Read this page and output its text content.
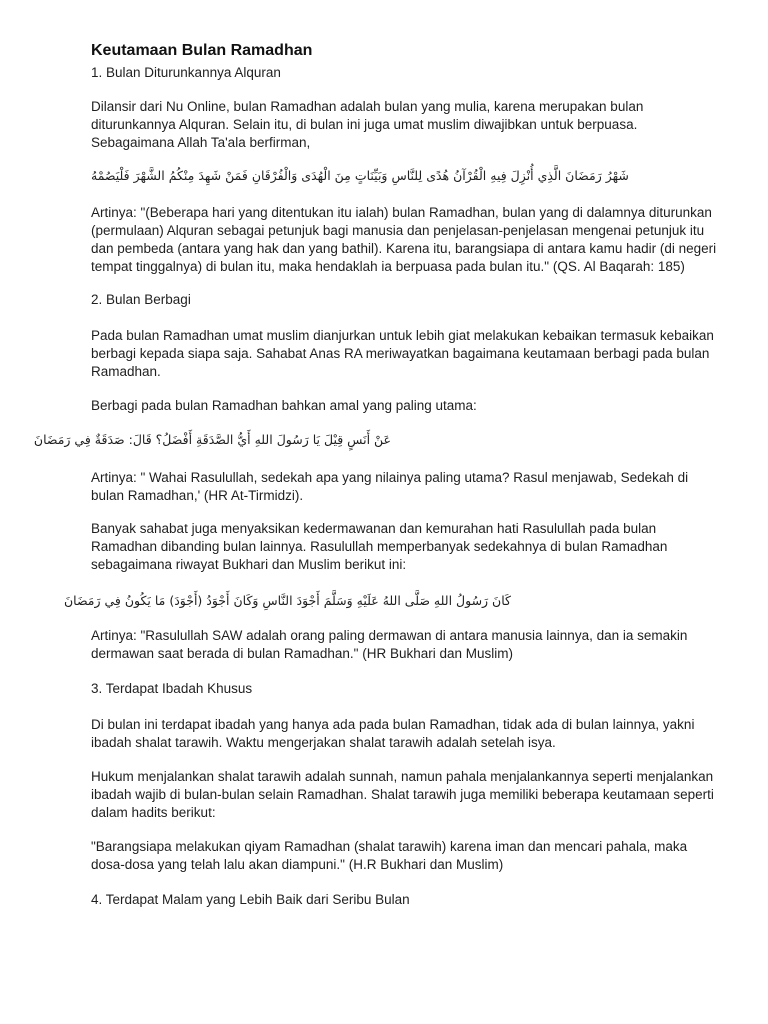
Keutamaan Bulan Ramadhan

1. Bulan Diturunkannya Alquran

Dilansir dari Nu Online, bulan Ramadhan adalah bulan yang mulia, karena merupakan bulan
diturunkannya Alquran. Selain itu, di bulan ini juga umat muslim diwajibkan untuk berpuasa.
Sebagaimana Allah Ta'ala berfirman,

شَهْرُ رَمَضَانَ الَّذِي أُنْزِلَ فِيهِ الْقُرْآنُ هُدًى لِلنَّاسِ وَبَيِّنَاتٍ مِنَ الْهُدَى وَالْفُرْقَانِ فَمَنْ شَهِدَ مِنْكُمُ الشَّهْرَ فَلْيَصُمْهُ

Artinya: "(Beberapa hari yang ditentukan itu ialah) bulan Ramadhan, bulan yang di dalamnya diturunkan
(permulaan) Alquran sebagai petunjuk bagi manusia dan penjelasan-penjelasan mengenai petunjuk itu
dan pembeda (antara yang hak dan yang bathil). Karena itu, barangsiapa di antara kamu hadir (di negeri
tempat tinggalnya) di bulan itu, maka hendaklah ia berpuasa pada bulan itu." (QS. Al Baqarah: 185)

2. Bulan Berbagi

Pada bulan Ramadhan umat muslim dianjurkan untuk lebih giat melakukan kebaikan termasuk kebaikan
berbagi kepada siapa saja. Sahabat Anas RA meriwayatkan bagaimana keutamaan berbagi pada bulan
Ramadhan.

Berbagi pada bulan Ramadhan bahkan amal yang paling utama:

عَنْ أَنَسٍ قِيْلَ يَا رَسُولَ اللهِ أَيُّ الصَّدَقَةِ أَفْضَلُ؟ قَالَ: صَدَقَةٌ فِي رَمَضَانَ

Artinya: " Wahai Rasulullah, sedekah apa yang nilainya paling utama? Rasul menjawab, Sedekah di
bulan Ramadhan,' (HR At-Tirmidzi).
Banyak sahabat juga menyaksikan kedermawanan dan kemurahan hati Rasulullah pada bulan
Ramadhan dibanding bulan lainnya. Rasulullah memperbanyak sedekahnya di bulan Ramadhan
sebagaimana riwayat Bukhari dan Muslim berikut ini:

كَانَ رَسُولُ اللهِ صَلَّى اللهُ عَلَيْهِ وَسَلَّمَ أَجْوَدَ النَّاسِ وَكَانَ أَجْوَدُ (أَجْوَدَ) مَا يَكُونُ فِي رَمَضَانَ

Artinya: "Rasulullah SAW adalah orang paling dermawan di antara manusia lainnya, dan ia semakin
dermawan saat berada di bulan Ramadhan." (HR Bukhari dan Muslim)

3. Terdapat Ibadah Khusus

Di bulan ini terdapat ibadah yang hanya ada pada bulan Ramadhan, tidak ada di bulan lainnya, yakni
ibadah shalat tarawih. Waktu mengerjakan shalat tarawih adalah setelah isya.
Hukum menjalankan shalat tarawih adalah sunnah, namun pahala menjalankannya seperti menjalankan
ibadah wajib di bulan-bulan selain Ramadhan. Shalat tarawih juga memiliki beberapa keutamaan seperti
dalam hadits berikut:
"Barangsiapa melakukan qiyam Ramadhan (shalat tarawih) karena iman dan mencari pahala, maka
dosa-dosa yang telah lalu akan diampuni." (H.R Bukhari dan Muslim)

4. Terdapat Malam yang Lebih Baik dari Seribu Bulan
